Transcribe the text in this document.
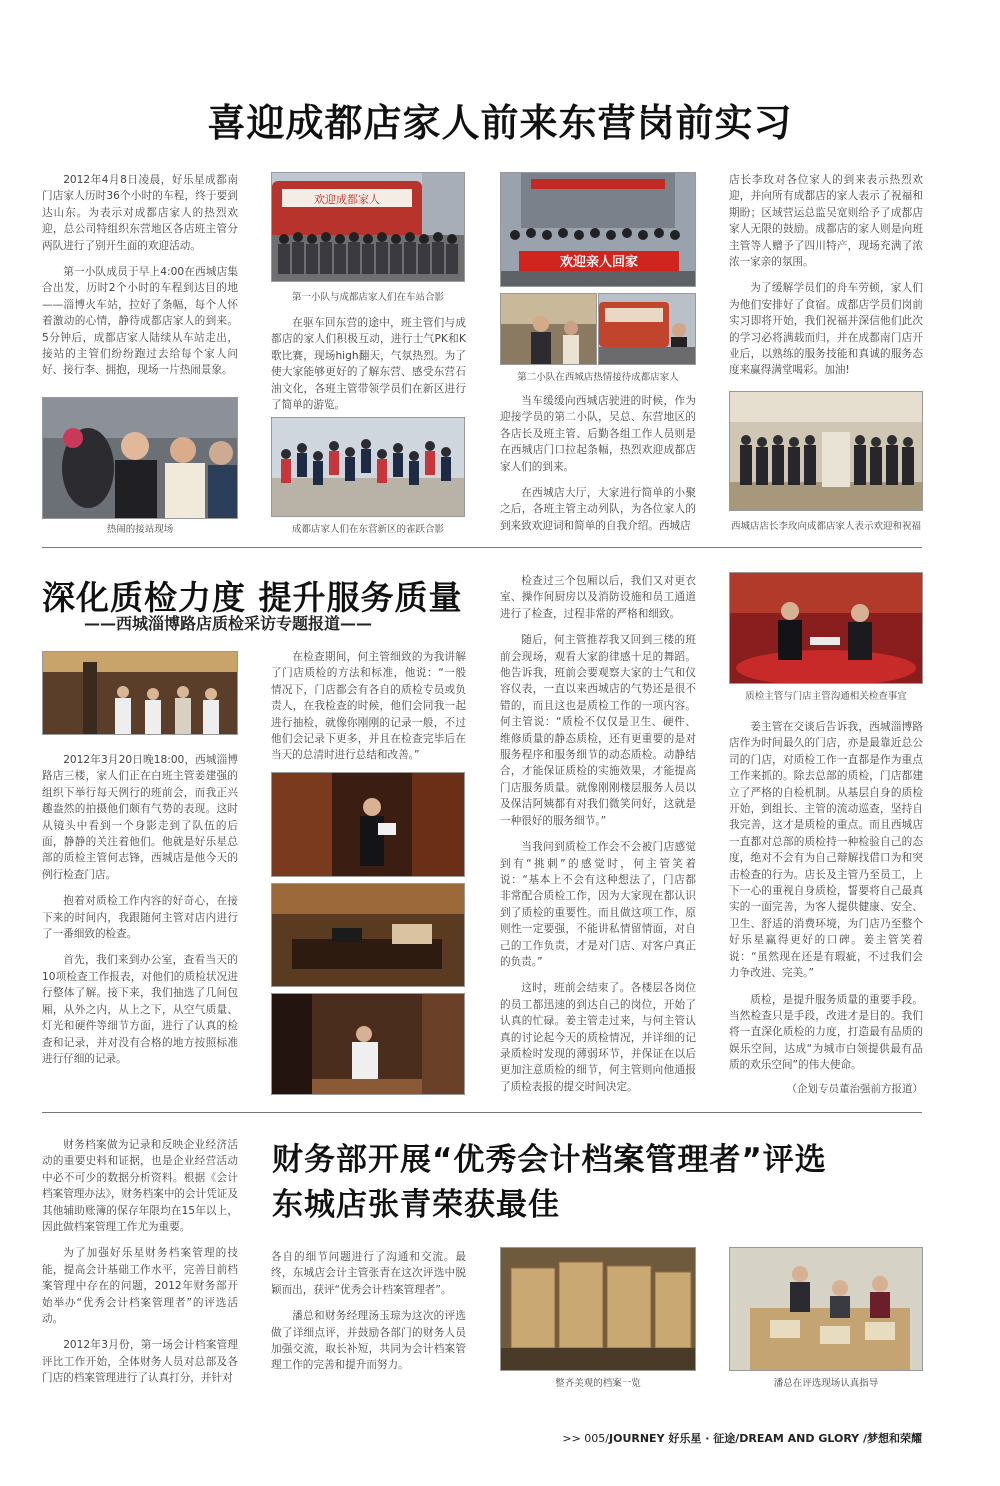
喜迎成都店家人前来东营岗前实习

2012年4月8日凌晨，好乐星成都南门店家人历时36个小时的车程，终于要到达山东。为表示对成都店家人的热烈欢迎，总公司特组织东营地区各店班主管分两队进行了别开生面的欢迎活动。

第一小队成员于早上4:00在西城店集合出发，历时2个小时的车程到达目的地——淄博火车站，拉好了条幅，每个人怀着激动的心情，静待成都店家人的到来。5分钟后，成都店家人陆续从车站走出，接站的主管们纷纷跑过去给每个家人问好、接行李、拥抱，现场一片热闹景象。

热闹的接站现场
欢迎成都家人
第一小队与成都店家人们在车站合影

在驱车回东营的途中，班主管们与成都店的家人们积极互动，进行士气PK和K歌比赛，现场high翻天，气氛热烈。为了使大家能够更好的了解东营、感受东营石油文化，各班主管带领学员们在新区进行了简单的游览。

成都店家人们在东营新区的雀跃合影
欢迎亲人回家
第二小队在西城店热情接待成都店家人

当车缓缓向西城店驶进的时候，作为迎接学员的第二小队，吴总、东营地区的各店长及班主管、后勤各组工作人员则是在西城店门口拉起条幅，热烈欢迎成都店家人们的到来。

在西城店大厅，大家进行简单的小聚之后，各班主管主动列队，为各位家人的到来致欢迎词和简单的自我介绍。西城店

店长李玫对各位家人的到来表示热烈欢迎，并向所有成都店的家人表示了祝福和期盼；区域营运总监吴宽则给予了成都店家人无限的鼓励。成都店的家人则是向班主管等人赠予了四川特产，现场充满了浓浓一家亲的氛围。

为了缓解学员们的舟车劳顿，家人们为他们安排好了食宿。成都店学员们岗前实习即将开始，我们祝福并深信他们此次的学习必将满载而归，并在成都南门店开业后，以熟练的服务技能和真诚的服务态度来赢得满堂喝彩。加油!

西城店店长李玫向成都店家人表示欢迎和祝福
深化质检力度 提升服务质量
——西城淄博路店质检采访专题报道——

2012年3月20日晚18:00，西城淄博路店三楼，家人们正在白班主管姜建强的组织下举行每天例行的班前会，而我正兴趣盎然的拍摄他们颇有气势的表现。这时从镜头中看到一个身影走到了队伍的后面，静静的关注着他们。他就是好乐星总部的质检主管何志锋，西城店是他今天的例行检查门店。

抱着对质检工作内容的好奇心，在接下来的时间内，我跟随何主管对店内进行了一番细致的检查。

首先，我们来到办公室，查看当天的10项检查工作报表，对他们的质检状况进行整体了解。接下来，我们抽选了几间包厢，从外之内，从上之下，从空气质量、灯光和硬件等细节方面，进行了认真的检查和记录，并对没有合格的地方按照标准进行仔细的记录。

在检查期间，何主管细致的为我讲解了门店质检的方法和标准，他说：“一般情况下，门店都会有各自的质检专员或负责人，在我检查的时候，他们会同我一起进行抽检，就像你刚刚的记录一般，不过他们会记录下更多，并且在检查完毕后在当天的总清时进行总结和改善。”

检查过三个包厢以后，我们又对更衣室、操作间厨房以及消防设施和员工通道进行了检查，过程非常的严格和细致。

随后，何主管推荐我又回到三楼的班前会现场，观看大家韵律感十足的舞蹈。他告诉我，班前会要观察大家的士气和仪容仪表，一直以来西城店的气势还是很不错的，而且这也是质检工作的一项内容。何主管说：“质检不仅仅是卫生、硬件、维修质量的静态质检，还有更重要的是对服务程序和服务细节的动态质检。动静结合，才能保证质检的实施效果，才能提高门店服务质量。就像刚刚楼层服务人员以及保洁阿姨都有对我们微笑问好，这就是一种很好的服务细节。”

当我问到质检工作会不会被门店感觉到有“挑刺”的感觉时，何主管笑着说：“基本上不会有这种想法了，门店都非常配合质检工作，因为大家现在都认识到了质检的重要性。而且做这项工作，原则性一定要强，不能讲私情留情面，对自己的工作负责，才是对门店、对客户真正的负责。”

这时，班前会结束了。各楼层各岗位的员工都迅速的到达自己的岗位，开始了认真的忙碌。姜主管走过来，与何主管认真的讨论起今天的质检情况，并详细的记录质检时发现的薄弱环节，并保证在以后更加注意质检的细节，何主管则向他通报了质检表报的提交时间决定。

质检主管与门店主管沟通相关检查事宜

姜主管在交谈后告诉我，西城淄博路店作为时间最久的门店，亦是最靠近总公司的门店，对质检工作一直都是作为重点工作来抓的。除去总部的质检，门店都建立了严格的自检机制。从基层自身的质检开始，到组长、主管的流动巡查，坚持自我完善，这才是质检的重点。而且西城店一直都对总部的质检持一种检验自己的态度，绝对不会有为自己辩解找借口为和突击检查的行为。店长及主管乃至员工，上下一心的重视自身质检，誓要将自己最真实的一面完善，为客人提供健康、安全、卫生、舒适的消费环境，为门店乃至整个好乐星赢得更好的口碑。姜主管笑着说：“虽然现在还是有瑕疵，不过我们会力争改进、完美。”

质检，是提升服务质量的重要手段。当然检查只是手段，改进才是目的。我们将一直深化质检的力度，打造最有品质的娱乐空间，达成“为城市白领提供最有品质的欢乐空间”的伟大使命。

（企划专员董治强前方报道）

财务档案做为记录和反映企业经济活动的重要史料和证据，也是企业经营活动中必不可少的数据分析资料。根据《会计档案管理办法》，财务档案中的会计凭证及其他辅助账簿的保存年限均在15年以上，因此做档案管理工作尤为重要。

为了加强好乐星财务档案管理的技能，提高会计基础工作水平，完善目前档案管理中存在的问题，2012年财务部开始举办“优秀会计档案管理者”的评选活动。

2012年3月份，第一场会计档案管理评比工作开始，全体财务人员对总部及各门店的档案管理进行了认真打分，并针对

财务部开展“优秀会计档案管理者”评选
东城店张青荣获最佳

各自的细节问题进行了沟通和交流。最终，东城店会计主管张青在这次评选中脱颖而出，获评“优秀会计档案管理者”。

潘总和财务经理汤玉琼为这次的评选做了详细点评，并鼓励各部门的财务人员加强交流，取长补短，共同为会计档案管理工作的完善和提升而努力。

整齐美观的档案一览	潘总在评选现场认真指导
>> 005/JOURNEY 好乐星 · 征途/DREAM AND GLORY /梦想和荣耀
